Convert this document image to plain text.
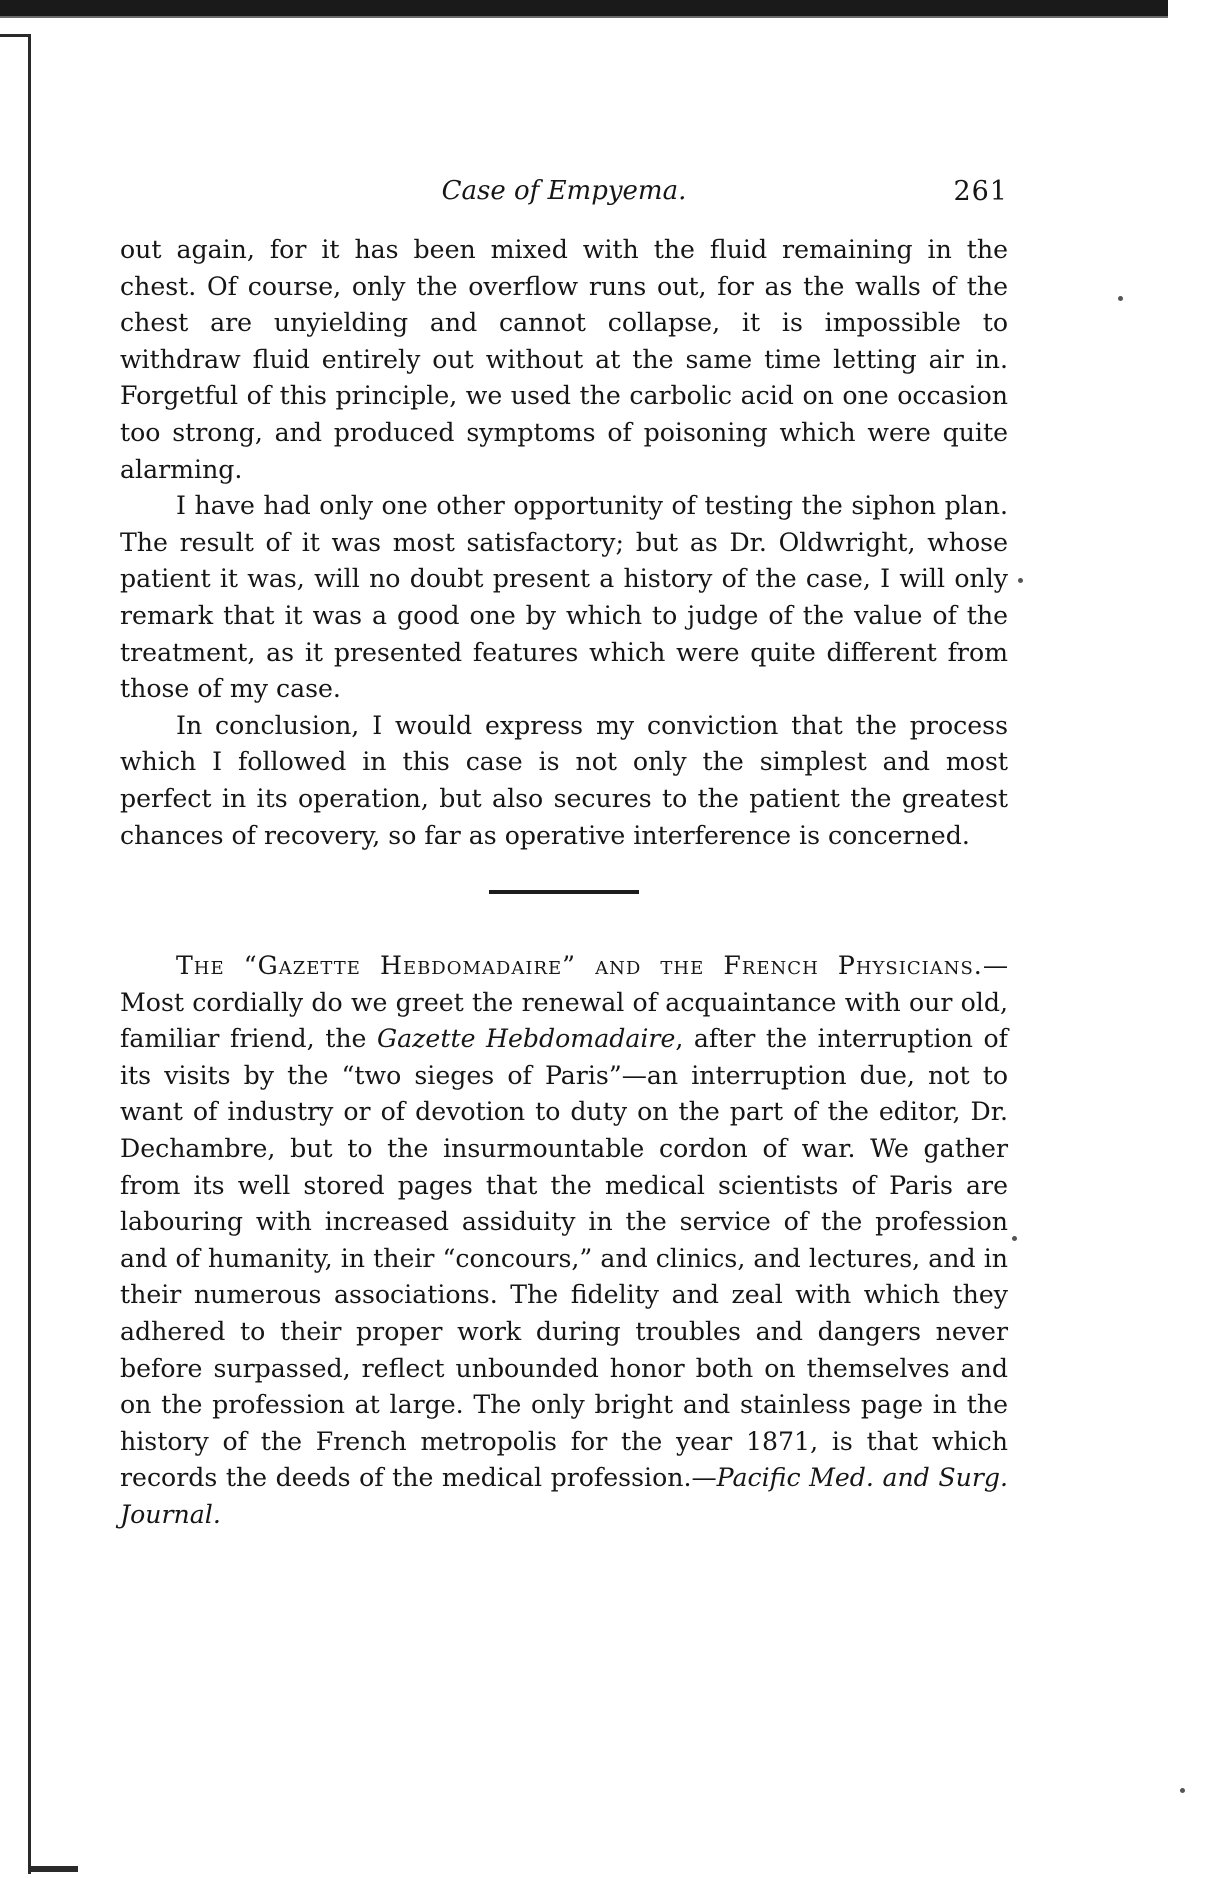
Case of Empyema.	261

out again, for it has been mixed with the fluid remaining in the chest. Of course, only the overflow runs out, for as the walls of the chest are unyielding and cannot collapse, it is impossible to withdraw fluid entirely out without at the same time letting air in. Forgetful of this principle, we used the carbolic acid on one occasion too strong, and produced symptoms of poisoning which were quite alarming.

I have had only one other opportunity of testing the siphon plan. The result of it was most satisfactory; but as Dr. Oldwright, whose patient it was, will no doubt present a history of the case, I will only remark that it was a good one by which to judge of the value of the treatment, as it presented features which were quite different from those of my case.

In conclusion, I would express my conviction that the process which I followed in this case is not only the simplest and most perfect in its operation, but also secures to the patient the greatest chances of recovery, so far as operative interference is concerned.

The “Gazette Hebdomadaire” and the French Physicians.—Most cordially do we greet the renewal of acquaintance with our old, familiar friend, the Gazette Hebdomadaire, after the interruption of its visits by the “two sieges of Paris”—an interruption due, not to want of industry or of devotion to duty on the part of the editor, Dr. Dechambre, but to the insurmountable cordon of war. We gather from its well stored pages that the medical scientists of Paris are labouring with increased assiduity in the service of the profession and of humanity, in their “concours,” and clinics, and lectures, and in their numerous associations. The fidelity and zeal with which they adhered to their proper work during troubles and dangers never before surpassed, reflect unbounded honor both on themselves and on the profession at large. The only bright and stainless page in the history of the French metropolis for the year 1871, is that which records the deeds of the medical profession.—Pacific Med. and Surg. Journal.
